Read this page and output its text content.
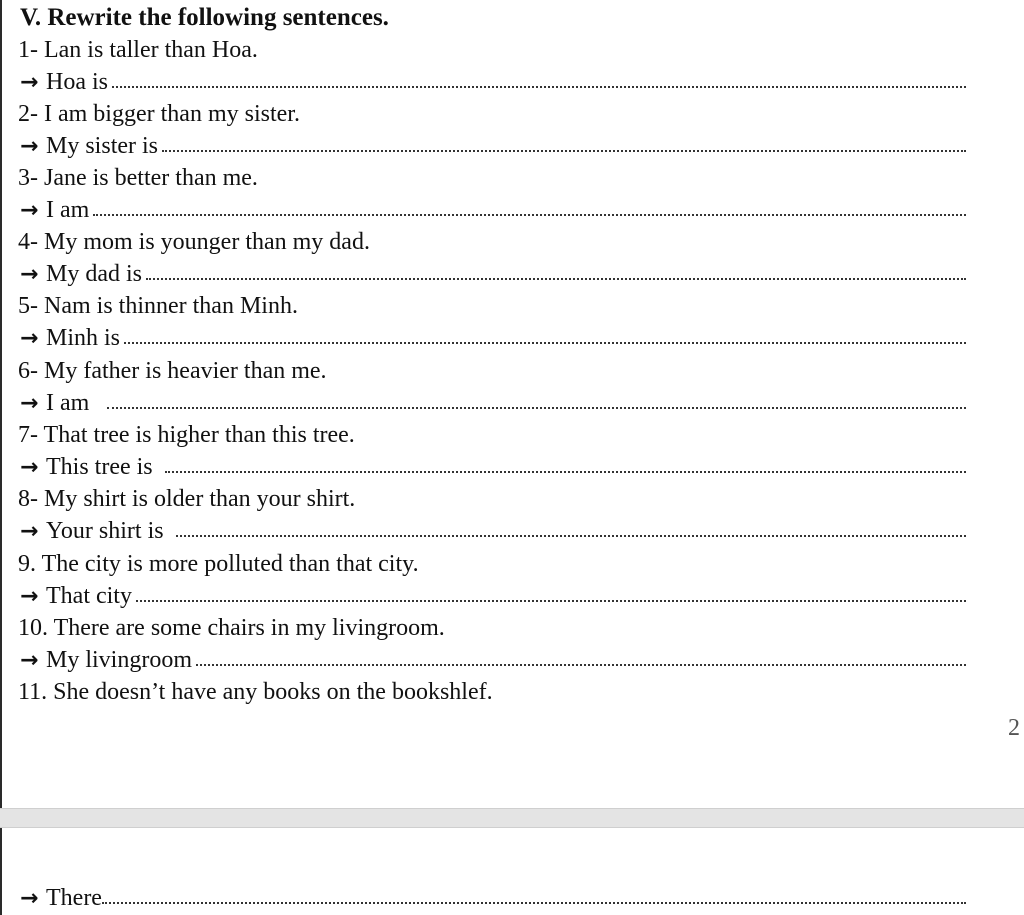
V. Rewrite the following sentences.
1- Lan is taller than Hoa.
→ Hoa is
2- I am bigger than my sister.
→ My sister is
3- Jane is better than me.
→ I am
4- My mom is younger than my dad.
→ My dad is
5- Nam is thinner than Minh.
→ Minh is
6- My father is heavier than me.
→ I am
7- That tree is higher than this tree.
→ This tree is
8- My shirt is older than your shirt.
→ Your shirt is
9. The city is more polluted than that city.
→ That city
10. There are some chairs in my livingroom.
→ My livingroom
11. She doesn’t have any books on the bookshlef.
2
→ There
